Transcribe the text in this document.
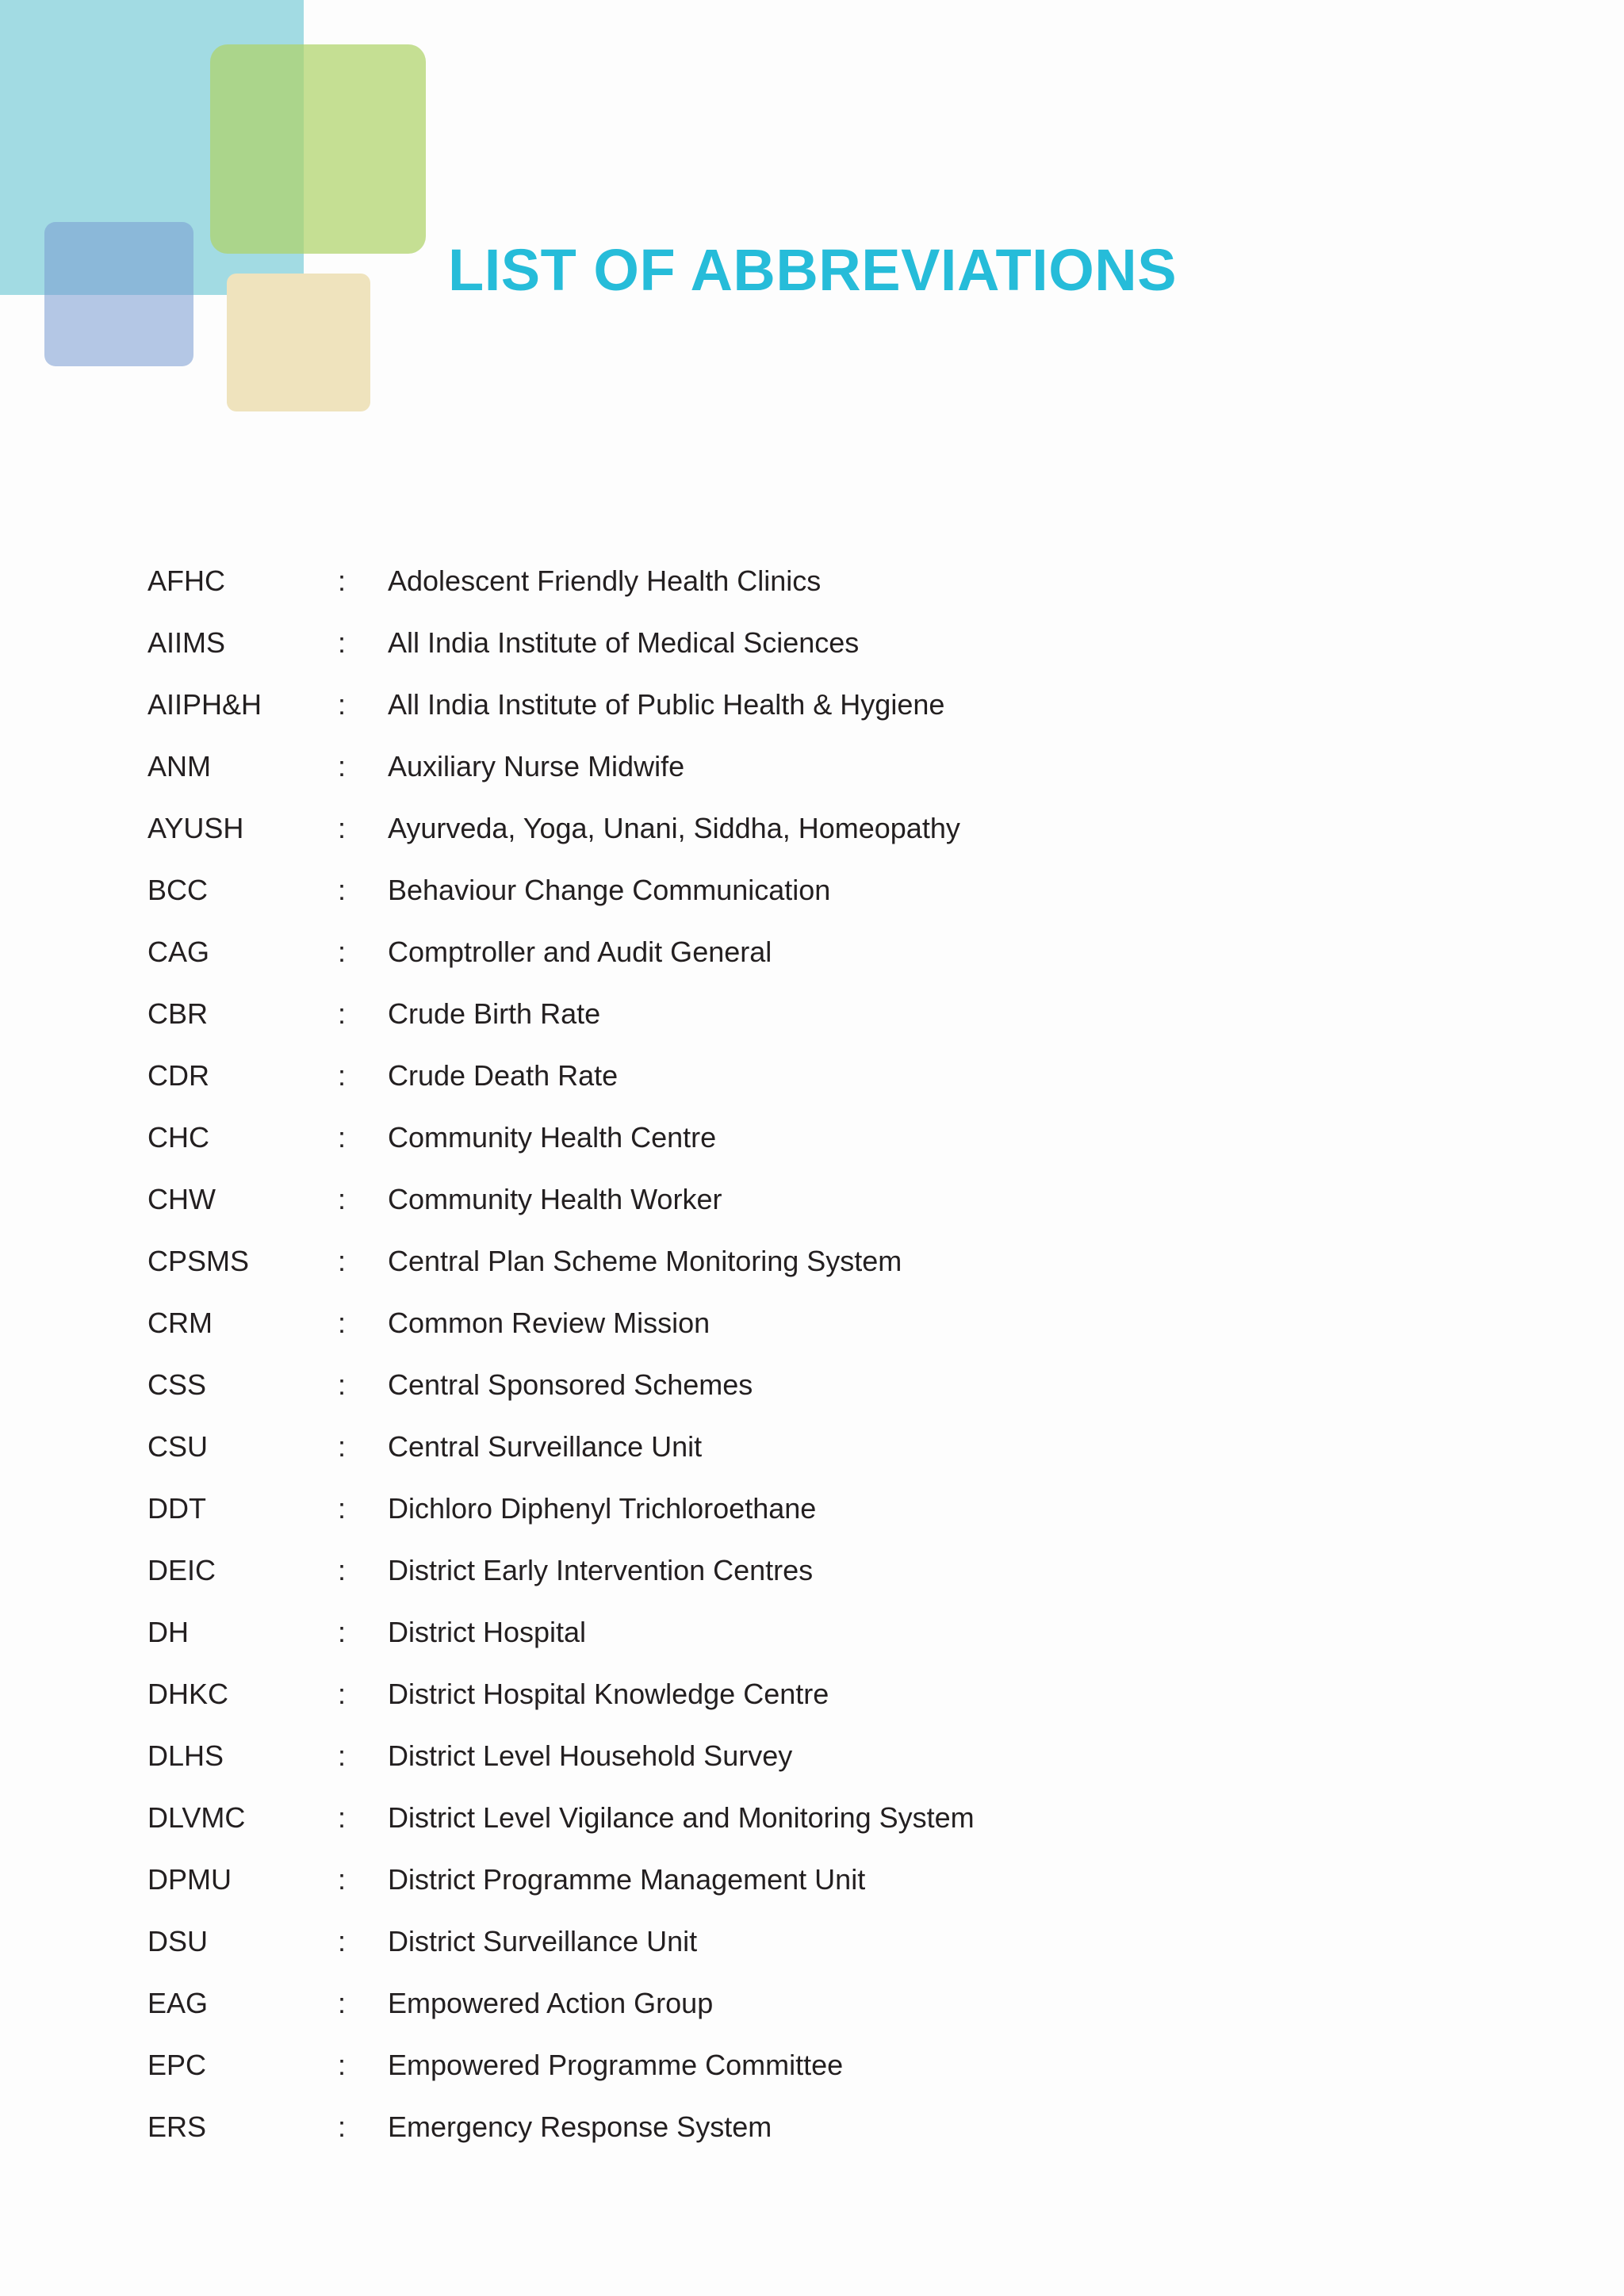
LIST OF ABBREVIATIONS
AFHC	: Adolescent Friendly Health Clinics
AIIMS	: All India Institute of Medical Sciences
AIIPH&H	: All India Institute of Public Health & Hygiene
ANM	: Auxiliary Nurse Midwife
AYUSH	: Ayurveda, Yoga, Unani, Siddha, Homeopathy
BCC	: Behaviour Change Communication
CAG	: Comptroller and Audit General
CBR	: Crude Birth Rate
CDR	: Crude Death Rate
CHC	: Community Health Centre
CHW	: Community Health Worker
CPSMS	: Central Plan Scheme Monitoring System
CRM	: Common Review Mission
CSS	: Central Sponsored Schemes
CSU	: Central Surveillance Unit
DDT	: Dichloro Diphenyl Trichloroethane
DEIC	: District Early Intervention Centres
DH	: District Hospital
DHKC	: District Hospital Knowledge Centre
DLHS	: District Level Household Survey
DLVMC	: District Level Vigilance and Monitoring System
DPMU	: District Programme Management Unit
DSU	: District Surveillance Unit
EAG	: Empowered Action Group
EPC	: Empowered Programme Committee
ERS	: Emergency Response System
